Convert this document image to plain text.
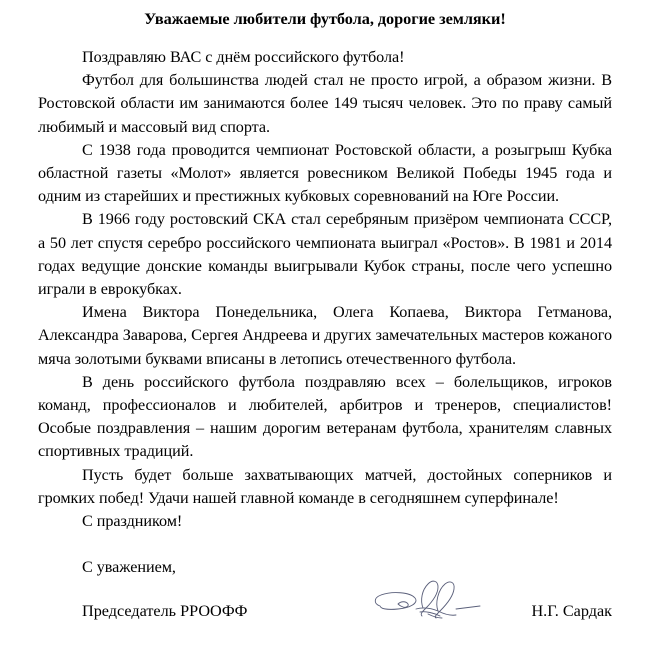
Уважаемые любители футбола, дорогие земляки!

Поздравляю ВАС с днём российского футбола!

Футбол для большинства людей стал не просто игрой, а образом жизни. В Ростовской области им занимаются более 149 тысяч человек. Это по праву самый любимый и массовый вид спорта.

С 1938 года проводится чемпионат Ростовской области, а розыгрыш Кубка областной газеты «Молот» является ровесником Великой Победы 1945 года и одним из старейших и престижных кубковых соревнований на Юге России.

В 1966 году ростовский СКА стал серебряным призёром чемпионата СССР, а 50 лет спустя серебро российского чемпионата выиграл «Ростов». В 1981 и 2014 годах ведущие донские команды выигрывали Кубок страны, после чего успешно играли в еврокубках.

Имена Виктора Понедельника, Олега Копаева, Виктора Гетманова, Александра Заварова, Сергея Андреева и других замечательных мастеров кожаного мяча золотыми буквами вписаны в летопись отечественного футбола.

В день российского футбола поздравляю всех – болельщиков, игроков команд, профессионалов и любителей, арбитров и тренеров, специалистов! Особые поздравления – нашим дорогим ветеранам футбола, хранителям славных спортивных традиций.

Пусть будет больше захватывающих матчей, достойных соперников и громких побед! Удачи нашей главной команде в сегодняшнем суперфинале!

С праздником!

С уважением,

Председатель РРООФФ	Н.Г. Сардак
